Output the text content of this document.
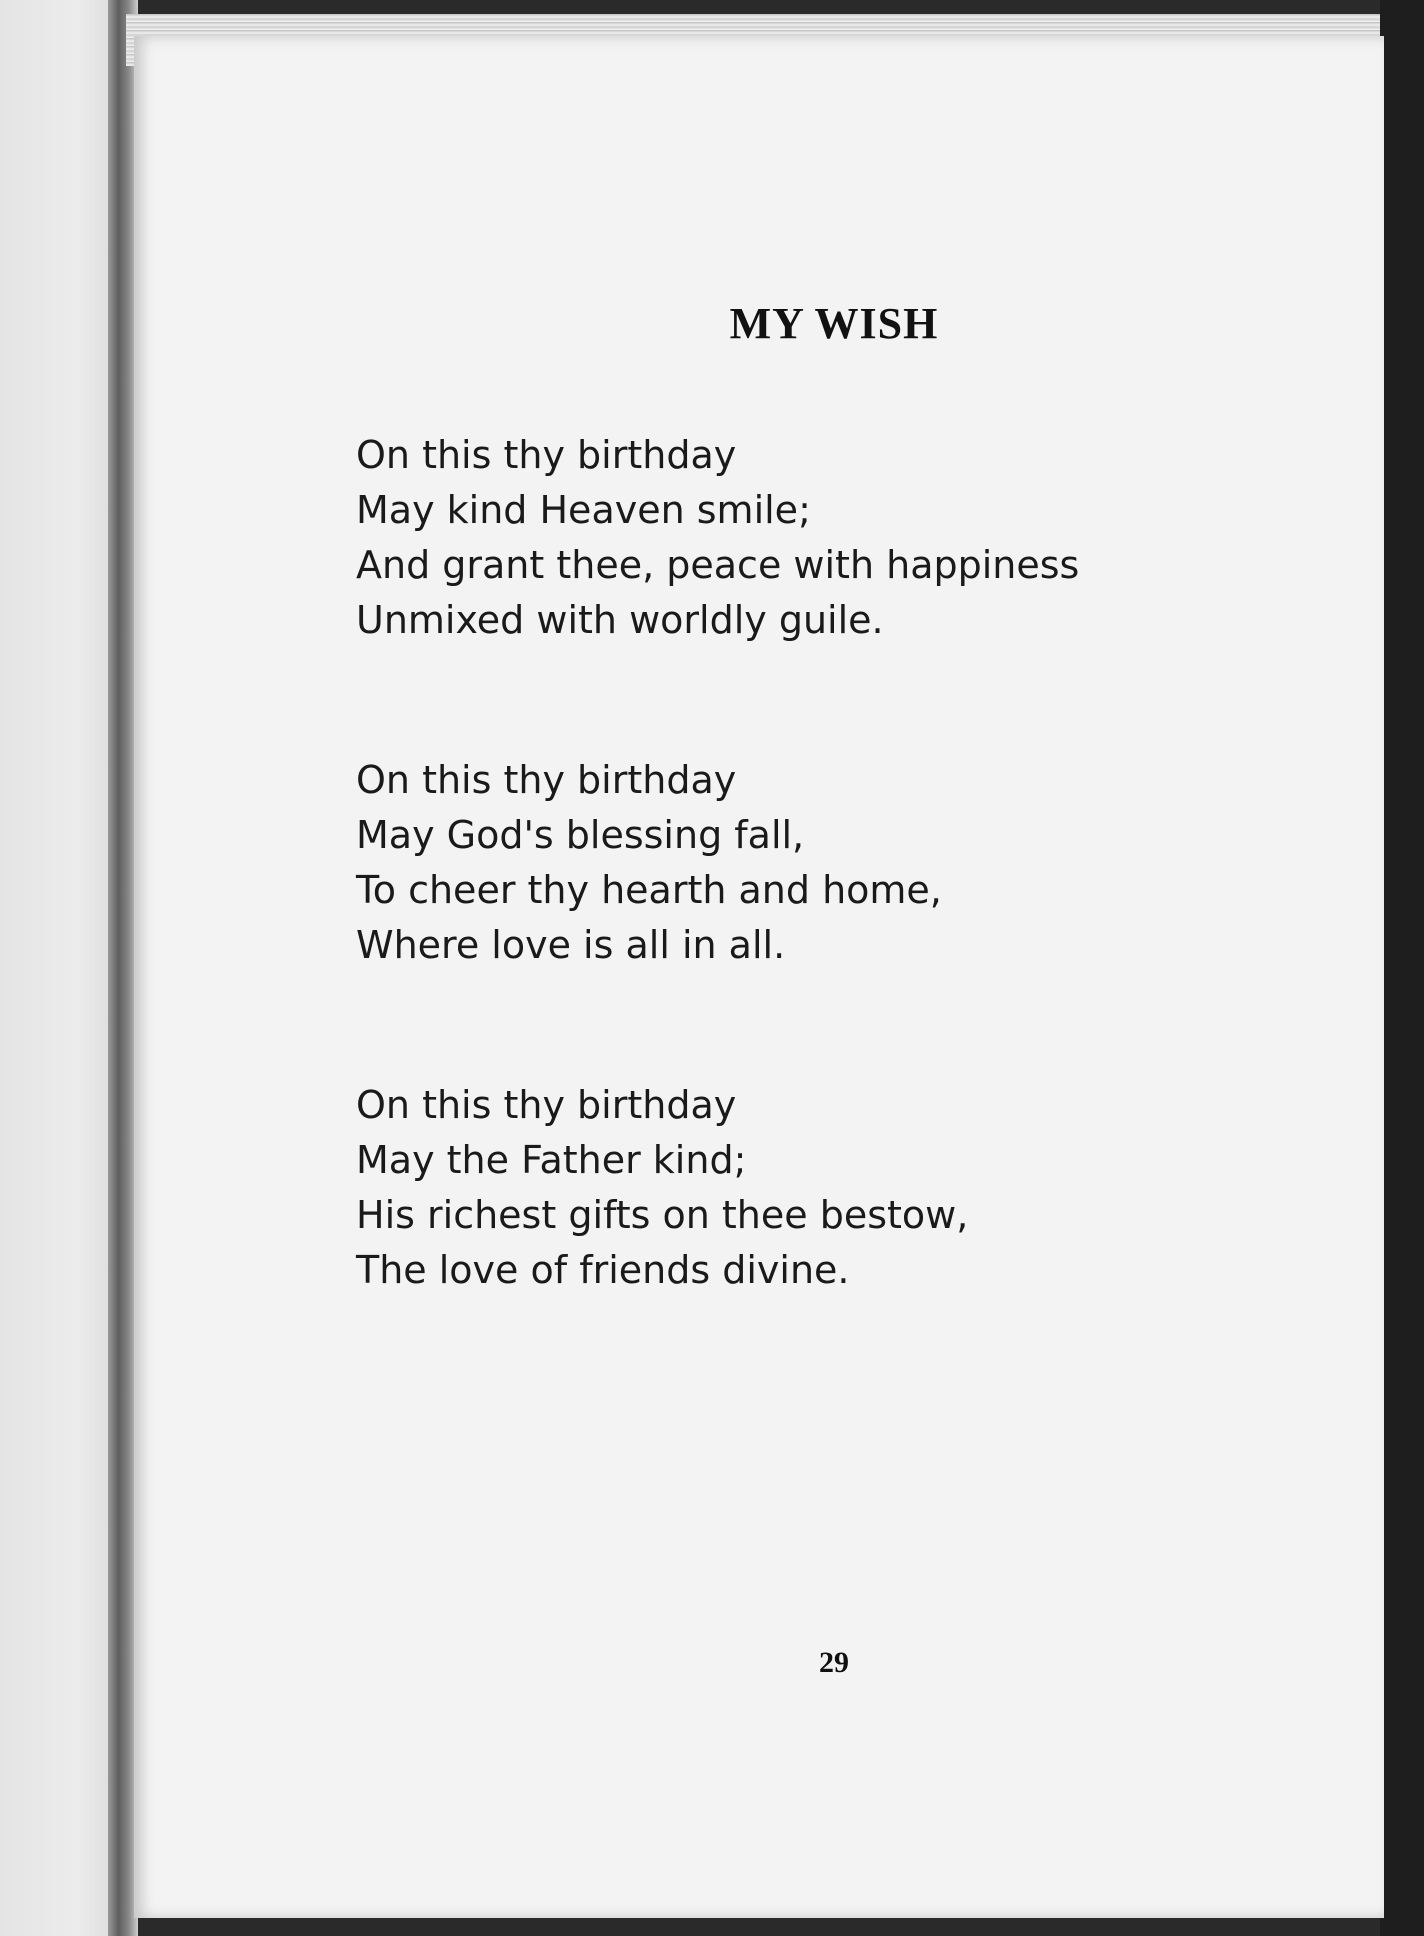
MY WISH
On this thy birthday
May kind Heaven smile;
And grant thee, peace with happiness
Unmixed with worldly guile.
On this thy birthday
May God's blessing fall,
To cheer thy hearth and home,
Where love is all in all.
On this thy birthday
May the Father kind;
His richest gifts on thee bestow,
The love of friends divine.
29
